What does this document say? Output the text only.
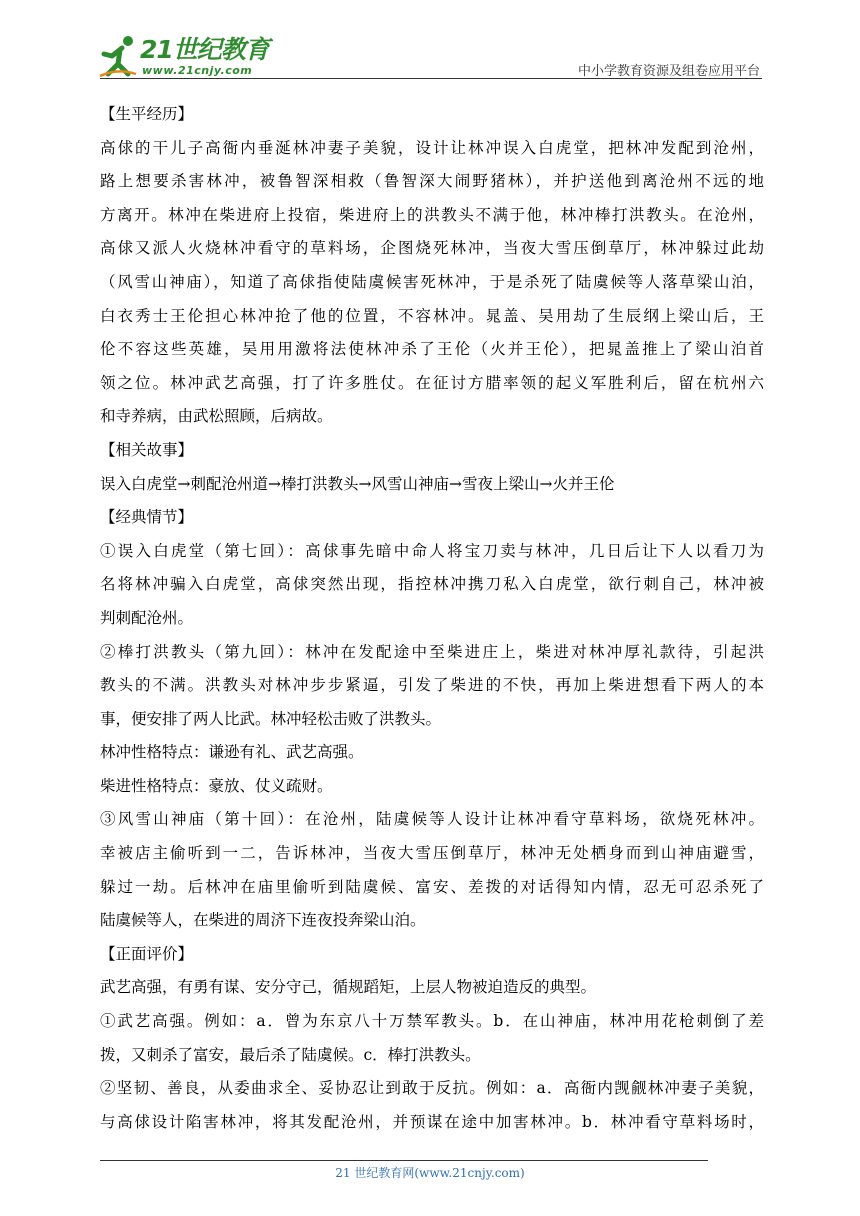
21世纪教育
www.21cnjy.com	中小学教育资源及组卷应用平台
【生平经历】
高俅的干儿子高衙内垂涎林冲妻子美貌，设计让林冲误入白虎堂，把林冲发配到沧州，
路上想要杀害林冲，被鲁智深相救（鲁智深大闹野猪林），并护送他到离沧州不远的地
方离开。林冲在柴进府上投宿，柴进府上的洪教头不满于他，林冲棒打洪教头。在沧州，
高俅又派人火烧林冲看守的草料场，企图烧死林冲，当夜大雪压倒草厅，林冲躲过此劫
（风雪山神庙），知道了高俅指使陆虞候害死林冲，于是杀死了陆虞候等人落草梁山泊，
白衣秀士王伦担心林冲抢了他的位置，不容林冲。晁盖、吴用劫了生辰纲上梁山后，王
伦不容这些英雄，吴用用激将法使林冲杀了王伦（火并王伦），把晁盖推上了梁山泊首
领之位。林冲武艺高强，打了许多胜仗。在征讨方腊率领的起义军胜利后，留在杭州六
和寺养病，由武松照顾，后病故。
【相关故事】
误入白虎堂→刺配沧州道→棒打洪教头→风雪山神庙→雪夜上梁山→火并王伦
【经典情节】
①误入白虎堂（第七回）：高俅事先暗中命人将宝刀卖与林冲，几日后让下人以看刀为
名将林冲骗入白虎堂，高俅突然出现，指控林冲携刀私入白虎堂，欲行刺自己，林冲被
判刺配沧州。
②棒打洪教头（第九回）：林冲在发配途中至柴进庄上，柴进对林冲厚礼款待，引起洪
教头的不满。洪教头对林冲步步紧逼，引发了柴进的不快，再加上柴进想看下两人的本
事，便安排了两人比武。林冲轻松击败了洪教头。
林冲性格特点：谦逊有礼、武艺高强。
柴进性格特点：豪放、仗义疏财。
③风雪山神庙（第十回）：在沧州，陆虞候等人设计让林冲看守草料场，欲烧死林冲。
幸被店主偷听到一二，告诉林冲，当夜大雪压倒草厅，林冲无处栖身而到山神庙避雪，
躲过一劫。后林冲在庙里偷听到陆虞候、富安、差拨的对话得知内情，忍无可忍杀死了
陆虞候等人，在柴进的周济下连夜投奔梁山泊。
【正面评价】
武艺高强，有勇有谋、安分守己，循规蹈矩，上层人物被迫造反的典型。
①武艺高强。例如：a．曾为东京八十万禁军教头。b．在山神庙，林冲用花枪刺倒了差
拨，又刺杀了富安，最后杀了陆虞候。c．棒打洪教头。
②坚韧、善良，从委曲求全、妥协忍让到敢于反抗。例如：a．高衙内觊觎林冲妻子美貌，
与高俅设计陷害林冲，将其发配沧州，并预谋在途中加害林冲。b．林冲看守草料场时，
21 世纪教育网(www.21cnjy.com)
